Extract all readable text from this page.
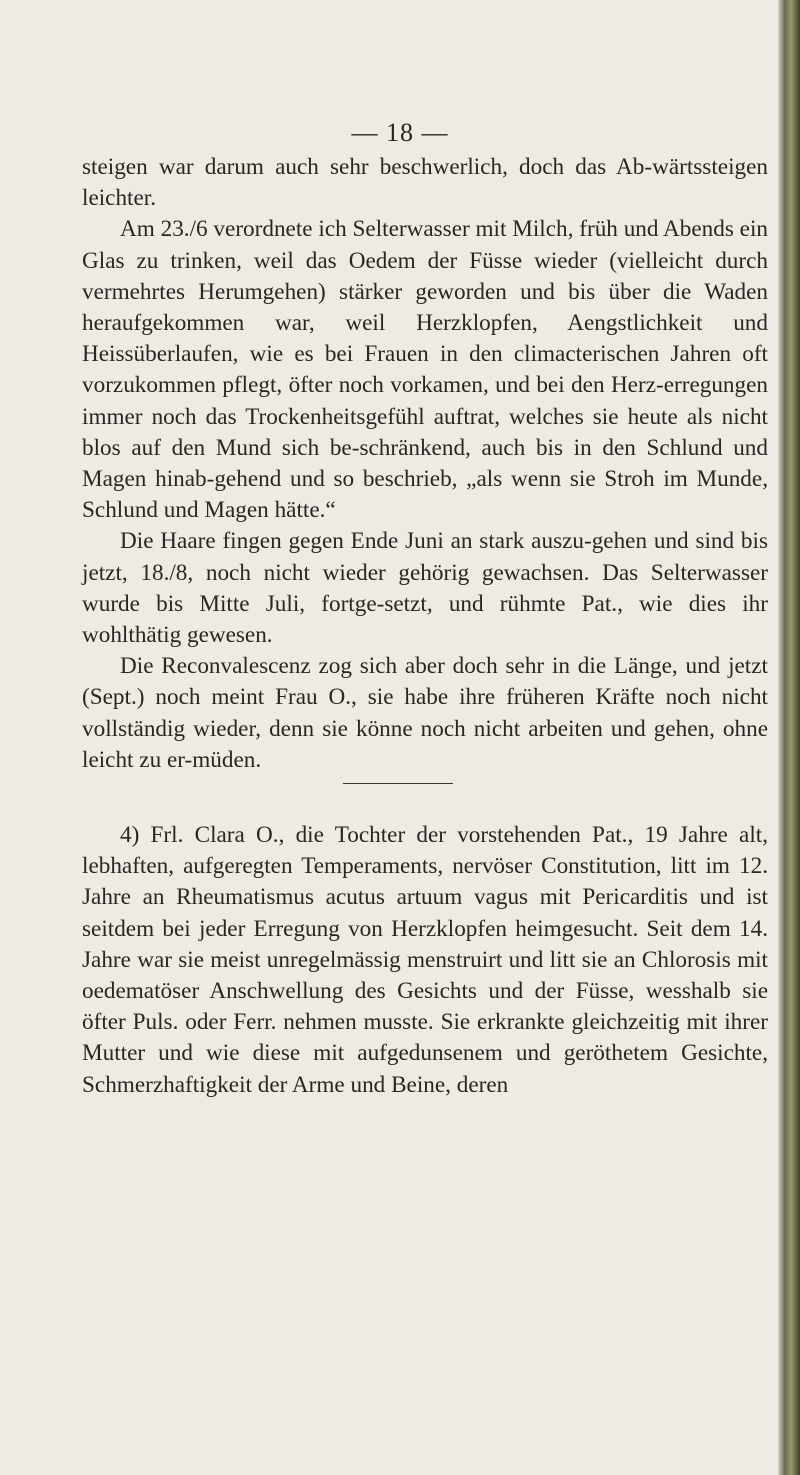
— 18 —

steigen war darum auch sehr beschwerlich, doch das Ab-wärtssteigen leichter.

Am 23./6 verordnete ich Selterwasser mit Milch, früh und Abends ein Glas zu trinken, weil das Oedem der Füsse wieder (vielleicht durch vermehrtes Herumgehen) stärker geworden und bis über die Waden heraufgekommen war, weil Herzklopfen, Aengstlichkeit und Heissüberlaufen, wie es bei Frauen in den climacterischen Jahren oft vorzukommen pflegt, öfter noch vorkamen, und bei den Herz-erregungen immer noch das Trockenheitsgefühl auftrat, welches sie heute als nicht blos auf den Mund sich be-schränkend, auch bis in den Schlund und Magen hinab-gehend und so beschrieb, „als wenn sie Stroh im Munde, Schlund und Magen hätte.“

Die Haare fingen gegen Ende Juni an stark auszu-gehen und sind bis jetzt, 18./8, noch nicht wieder gehörig gewachsen. Das Selterwasser wurde bis Mitte Juli, fortge-setzt, und rühmte Pat., wie dies ihr wohlthätig gewesen.

Die Reconvalescenz zog sich aber doch sehr in die Länge, und jetzt (Sept.) noch meint Frau O., sie habe ihre früheren Kräfte noch nicht vollständig wieder, denn sie könne noch nicht arbeiten und gehen, ohne leicht zu er-müden.

4) Frl. Clara O., die Tochter der vorstehenden Pat., 19 Jahre alt, lebhaften, aufgeregten Temperaments, nervöser Constitution, litt im 12. Jahre an Rheumatismus acutus artuum vagus mit Pericarditis und ist seitdem bei jeder Erregung von Herzklopfen heimgesucht. Seit dem 14. Jahre war sie meist unregelmässig menstruirt und litt sie an Chlorosis mit oedematöser Anschwellung des Gesichts und der Füsse, wesshalb sie öfter Puls. oder Ferr. nehmen musste. Sie erkrankte gleichzeitig mit ihrer Mutter und wie diese mit aufgedunsenem und geröthetem Gesichte, Schmerzhaftigkeit der Arme und Beine, deren
